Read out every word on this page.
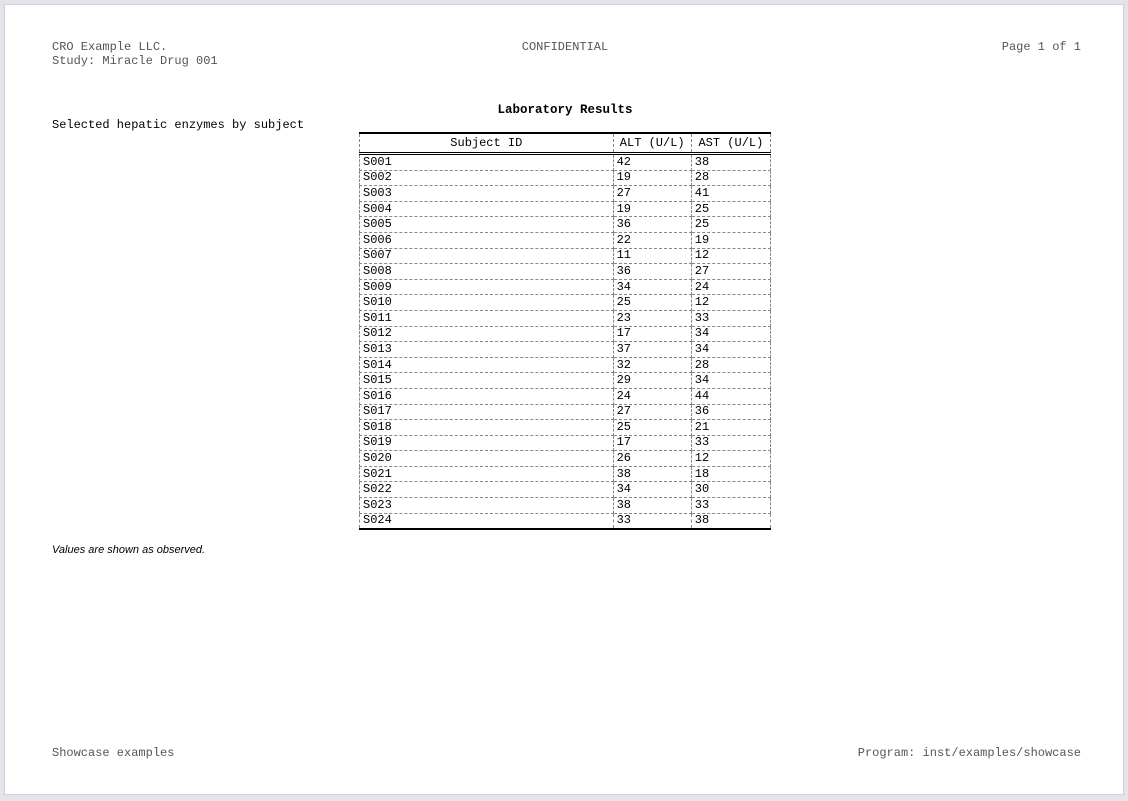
CRO Example LLC.
Study: Miracle Drug 001
CONFIDENTIAL	Page 1 of 1
Laboratory Results
Selected hepatic enzymes by subject
Subject ID	ALT (U/L)	AST (U/L)
S001	42	38
S002	19	28
S003	27	41
S004	19	25
S005	36	25
S006	22	19
S007	11	12
S008	36	27
S009	34	24
S010	25	12
S011	23	33
S012	17	34
S013	37	34
S014	32	28
S015	29	34
S016	24	44
S017	27	36
S018	25	21
S019	17	33
S020	26	12
S021	38	18
S022	34	30
S023	38	33
S024	33	38
Values are shown as observed.
Showcase examples	Program: inst/examples/showcase
